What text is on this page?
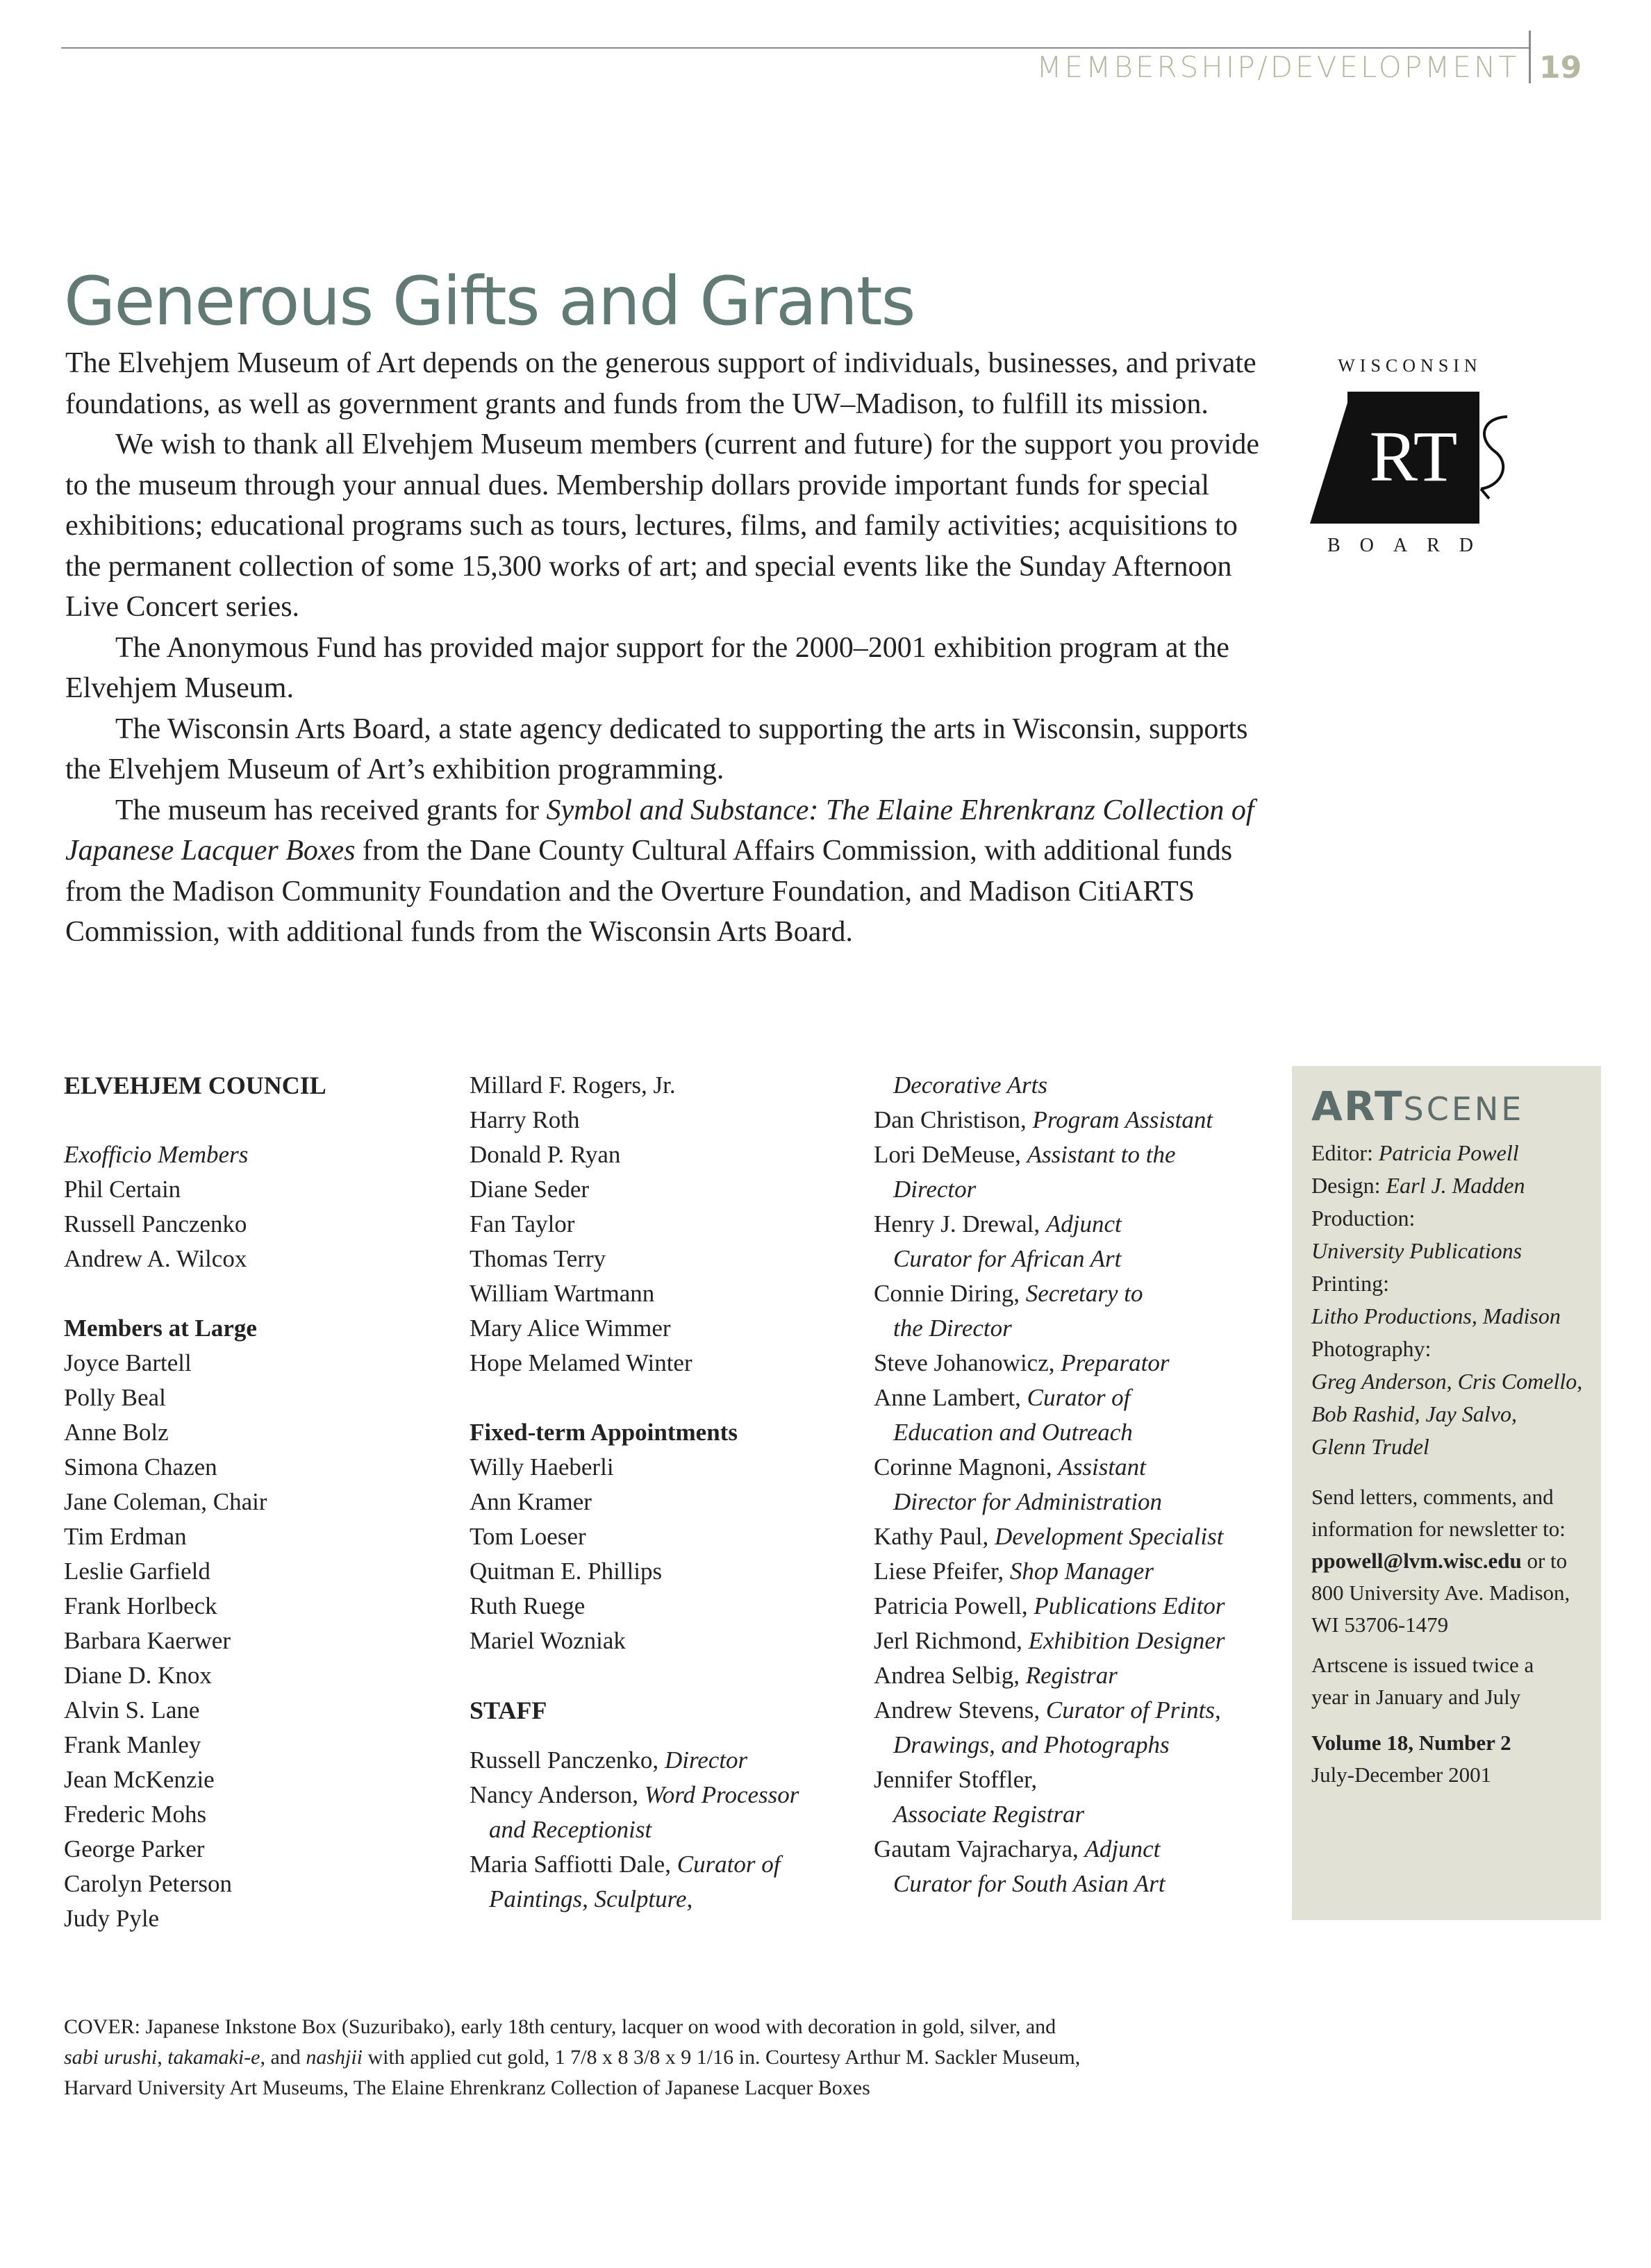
MEMBERSHIP/DEVELOPMENT 19
Generous Gifts and Grants

The Elvehjem Museum of Art depends on the generous support of individuals, businesses, and private foundations, as well as government grants and funds from the UW–Madison, to fulfill its mission.

We wish to thank all Elvehjem Museum members (current and future) for the support you provide to the museum through your annual dues. Membership dollars provide important funds for special exhibitions; educational programs such as tours, lectures, films, and family activities; acquisitions to the permanent collection of some 15,300 works of art; and special events like the Sunday Afternoon Live Concert series.

The Anonymous Fund has provided major support for the 2000–2001 exhibition program at the Elvehjem Museum.

The Wisconsin Arts Board, a state agency dedicated to supporting the arts in Wisconsin, supports the Elvehjem Museum of Art’s exhibition programming.

The museum has received grants for Symbol and Substance: The Elaine Ehrenkranz Collection of Japanese Lacquer Boxes from the Dane County Cultural Affairs Commission, with additional funds from the Madison Community Foundation and the Overture Foundation, and Madison CitiARTS Commission, with additional funds from the Wisconsin Arts Board.

WISCONSIN
RT
BOARD
ELVEHJEM COUNCIL
Exofficio Members
Phil Certain
Russell Panczenko
Andrew A. Wilcox
Members at Large
Joyce Bartell
Polly Beal
Anne Bolz
Simona Chazen
Jane Coleman, Chair
Tim Erdman
Leslie Garfield
Frank Horlbeck
Barbara Kaerwer
Diane D. Knox
Alvin S. Lane
Frank Manley
Jean McKenzie
Frederic Mohs
George Parker
Carolyn Peterson
Judy Pyle
Millard F. Rogers, Jr.
Harry Roth
Donald P. Ryan
Diane Seder
Fan Taylor
Thomas Terry
William Wartmann
Mary Alice Wimmer
Hope Melamed Winter
Fixed-term Appointments
Willy Haeberli
Ann Kramer
Tom Loeser
Quitman E. Phillips
Ruth Ruege
Mariel Wozniak
STAFF
Russell Panczenko, Director
Nancy Anderson, Word Processor
and Receptionist
Maria Saffiotti Dale, Curator of
Paintings, Sculpture,
Decorative Arts
Dan Christison, Program Assistant
Lori DeMeuse, Assistant to the
Director
Henry J. Drewal, Adjunct
Curator for African Art
Connie Diring, Secretary to
the Director
Steve Johanowicz, Preparator
Anne Lambert, Curator of
Education and Outreach
Corinne Magnoni, Assistant
Director for Administration
Kathy Paul, Development Specialist
Liese Pfeifer, Shop Manager
Patricia Powell, Publications Editor
Jerl Richmond, Exhibition Designer
Andrea Selbig, Registrar
Andrew Stevens, Curator of Prints,
Drawings, and Photographs
Jennifer Stoffler,
Associate Registrar
Gautam Vajracharya, Adjunct
Curator for South Asian Art
ARTSCENE
Editor: Patricia Powell
Design: Earl J. Madden
Production:
University Publications
Printing:
Litho Productions, Madison
Photography:
Greg Anderson, Cris Comello,
Bob Rashid, Jay Salvo,
Glenn Trudel
Send letters, comments, and
information for newsletter to:
ppowell@lvm.wisc.edu or to
800 University Ave. Madison,
WI 53706-1479
Artscene is issued twice a
year in January and July
Volume 18, Number 2
July-December 2001
COVER: Japanese Inkstone Box (Suzuribako), early 18th century, lacquer on wood with decoration in gold, silver, and
sabi urushi, takamaki-e, and nashjii with applied cut gold, 1 7/8 x 8 3/8 x 9 1/16 in. Courtesy Arthur M. Sackler Museum,
Harvard University Art Museums, The Elaine Ehrenkranz Collection of Japanese Lacquer Boxes
